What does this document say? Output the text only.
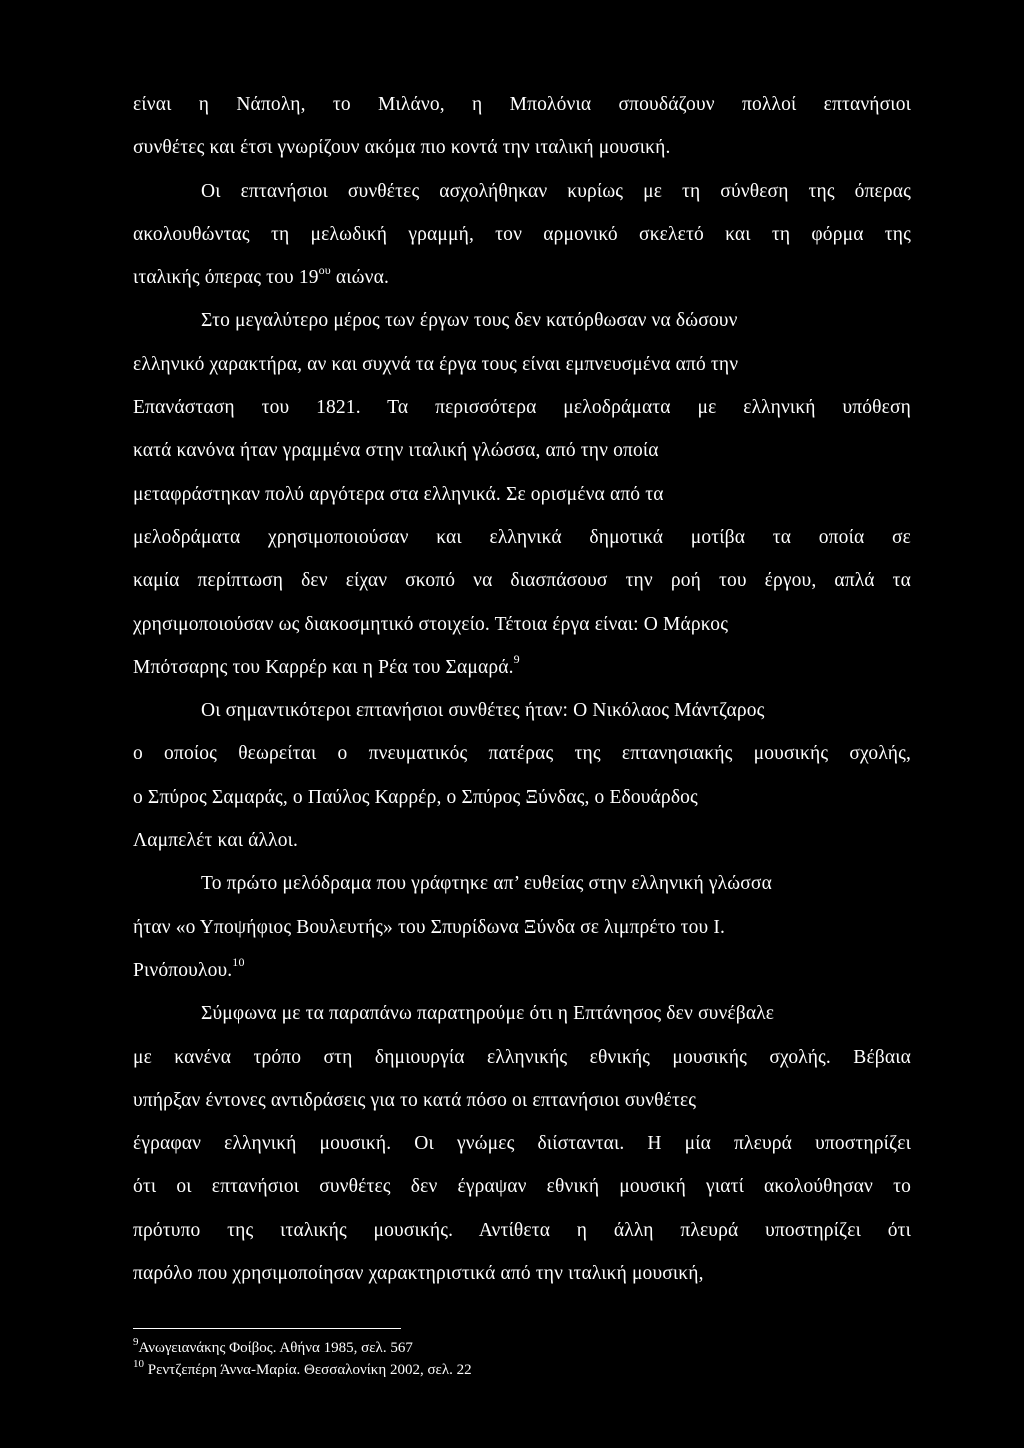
είναι η Νάπολη, το Μιλάνο, η Μπολόνια σπουδάζουν πολλοί επτανήσιοι
συνθέτες και έτσι γνωρίζουν ακόμα πιο κοντά την ιταλική μουσική.
Οι επτανήσιοι συνθέτες ασχολήθηκαν κυρίως με τη σύνθεση της όπερας
ακολουθώντας τη μελωδική γραμμή, τον αρμονικό σκελετό και τη φόρμα της
ιταλικής όπερας του $19^{o\upsilon}$ αιώνα.
Στο μεγαλύτερο μέρος των έργων τους δεν κατόρθωσαν να δώσουν
ελληνικό χαρακτήρα, αν και συχνά τα έργα τους είναι εμπνευσμένα από την
Επανάσταση του 1821. Τα περισσότερα μελοδράματα με ελληνική υπόθεση
κατά κανόνα ήταν γραμμένα στην ιταλική γλώσσα, από την οποία
μεταφράστηκαν πολύ αργότερα στα ελληνικά. Σε ορισμένα από τα
μελοδράματα χρησιμοποιούσαν και ελληνικά δημοτικά μοτίβα τα οποία σε
καμία περίπτωση δεν είχαν σκοπό να διασπάσουσ την ροή του έργου, απλά τα
χρησιμοποιούσαν ως διακοσμητικό στοιχείο. Τέτοια έργα είναι: Ο Μάρκος
Μπότσαρης του Καρρέρ και η Ρέα του Σαμαρά.$^9$
Οι σημαντικότεροι επτανήσιοι συνθέτες ήταν: Ο Νικόλαος Μάντζαρος
ο οποίος θεωρείται ο πνευματικός πατέρας της επτανησιακής μουσικής σχολής,
ο Σπύρος Σαμαράς, ο Παύλος Καρρέρ, ο Σπύρος Ξύνδας, ο Εδουάρδος
Λαμπελέτ και άλλοι.
Το πρώτο μελόδραμα που γράφτηκε απ’ ευθείας στην ελληνική γλώσσα
ήταν «ο Υποψήφιος Βουλευτής» του Σπυρίδωνα Ξύνδα σε λιμπρέτο του Ι.
Ρινόπουλου.$^{10}$
Σύμφωνα με τα παραπάνω παρατηρούμε ότι η Επτάνησος δεν συνέβαλε
με κανένα τρόπο στη δημιουργία ελληνικής εθνικής μουσικής σχολής. Βέβαια
υπήρξαν έντονες αντιδράσεις για το κατά πόσο οι επτανήσιοι συνθέτες
έγραφαν ελληνική μουσική. Οι γνώμες διίστανται. Η μία πλευρά υποστηρίζει
ότι οι επτανήσιοι συνθέτες δεν έγραψαν εθνική μουσική γιατί ακολούθησαν το
πρότυπο της ιταλικής μουσικής. Αντίθετα η άλλη πλευρά υποστηρίζει ότι
παρόλο που χρησιμοποίησαν χαρακτηριστικά από την ιταλική μουσική,
$^9$Ανωγειανάκης Φοίβος. Αθήνα 1985, σελ. 567
$^{10}$ Ρεντζεπέρη Άννα-Μαρία. Θεσσαλονίκη 2002, σελ. 22
